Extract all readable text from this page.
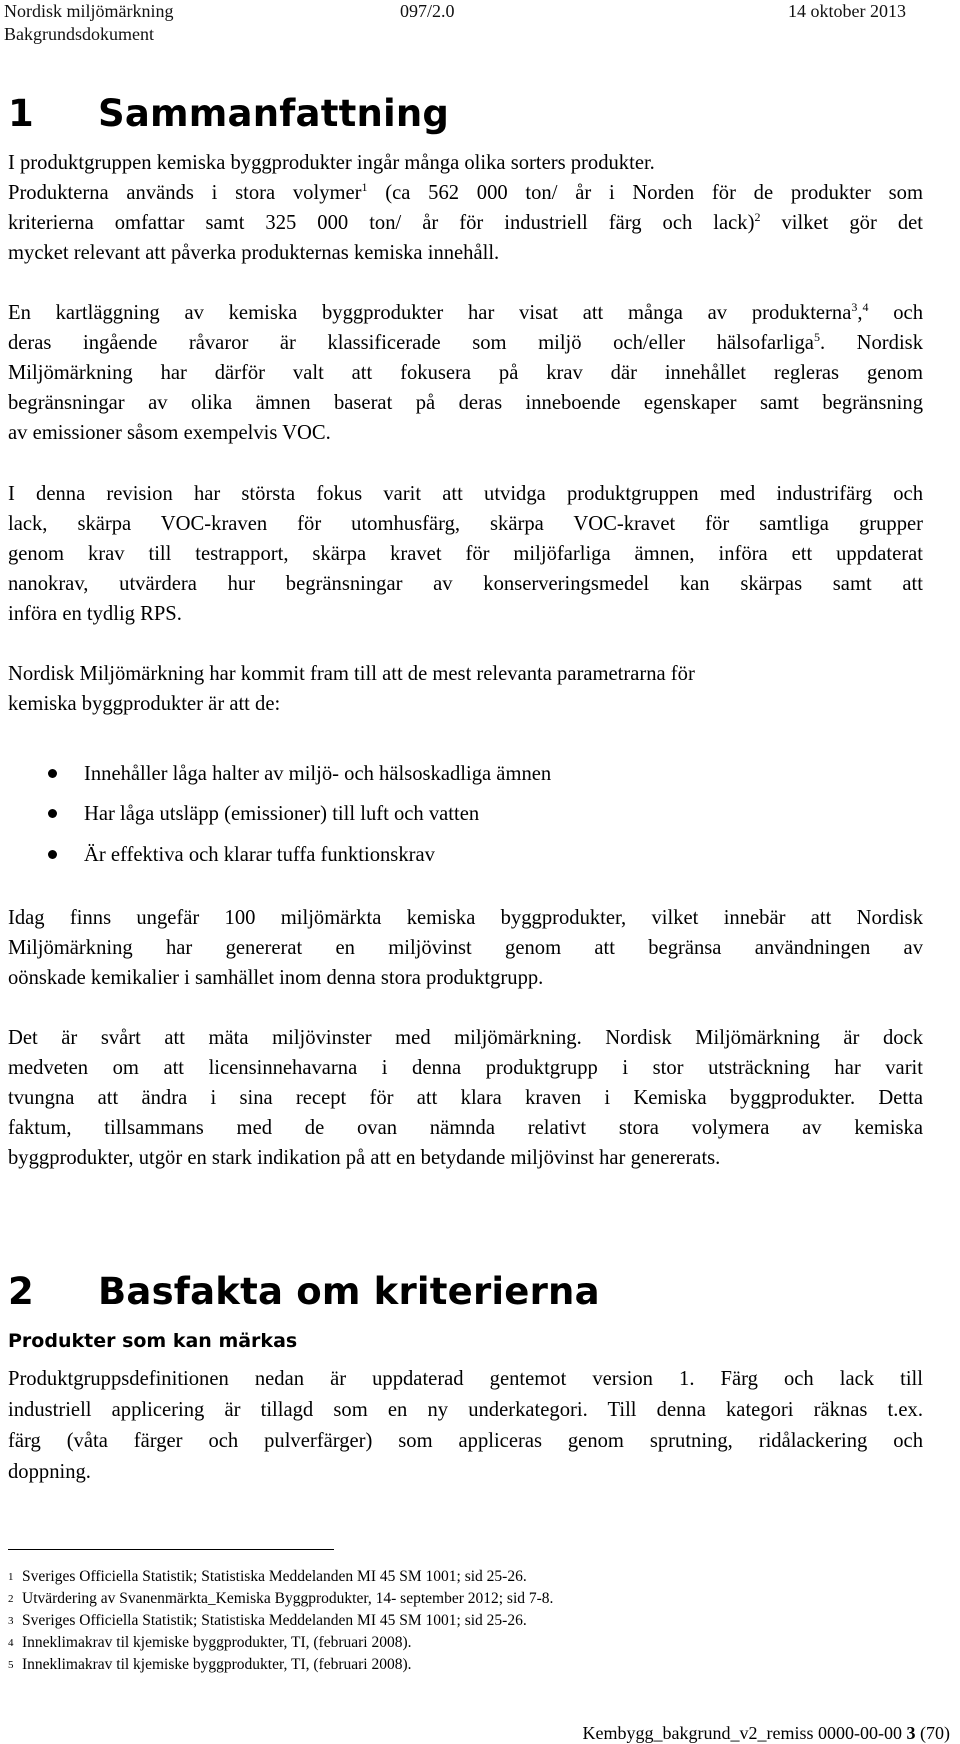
Nordisk miljömärkning	097/2.0	14 oktober 2013
Bakgrundsdokument
1 Sammanfattning
I produktgruppen kemiska byggprodukter ingår många olika sorters produkter.
Produkterna används i stora volymer$^1$ (ca 562 000 ton/ år i Norden för de produkter som
kriterierna omfattar samt 325 000 ton/ år för industriell färg och lack)$^2$ vilket gör det
mycket relevant att påverka produkternas kemiska innehåll.
En kartläggning av kemiska byggprodukter har visat att många av produkterna$^3$,$^4$ och
deras ingående råvaror är klassificerade som miljö och/eller hälsofarliga$^5$. Nordisk
Miljömärkning har därför valt att fokusera på krav där innehållet regleras genom
begränsningar av olika ämnen baserat på deras inneboende egenskaper samt begränsning
av emissioner såsom exempelvis VOC.
I denna revision har största fokus varit att utvidga produktgruppen med industrifärg och
lack, skärpa VOC-kraven för utomhusfärg, skärpa VOC-kravet för samtliga grupper
genom krav till testrapport, skärpa kravet för miljöfarliga ämnen, införa ett uppdaterat
nanokrav, utvärdera hur begränsningar av konserveringsmedel kan skärpas samt att
införa en tydlig RPS.
Nordisk Miljömärkning har kommit fram till att de mest relevanta parametrarna för
kemiska byggprodukter är att de:
Innehåller låga halter av miljö- och hälsoskadliga ämnen
Har låga utsläpp (emissioner) till luft och vatten
Är effektiva och klarar tuffa funktionskrav
Idag finns ungefär 100 miljömärkta kemiska byggprodukter, vilket innebär att Nordisk
Miljömärkning har genererat en miljövinst genom att begränsa användningen av
oönskade kemikalier i samhället inom denna stora produktgrupp.
Det är svårt att mäta miljövinster med miljömärkning. Nordisk Miljömärkning är dock
medveten om att licensinnehavarna i denna produktgrupp i stor utsträckning har varit
tvungna att ändra i sina recept för att klara kraven i Kemiska byggprodukter. Detta
faktum, tillsammans med de ovan nämnda relativt stora volymera av kemiska
byggprodukter, utgör en stark indikation på att en betydande miljövinst har genererats.
2 Basfakta om kriterierna
Produkter som kan märkas
Produktgruppsdefinitionen nedan är uppdaterad gentemot version 1. Färg och lack till
industriell applicering är tillagd som en ny underkategori. Till denna kategori räknas t.ex.
färg (våta färger och pulverfärger) som appliceras genom sprutning, ridålackering och
doppning.
1 Sveriges Officiella Statistik; Statistiska Meddelanden MI 45 SM 1001; sid 25-26.
2 Utvärdering av Svanenmärkta_Kemiska Byggprodukter, 14- september 2012; sid 7-8.
3 Sveriges Officiella Statistik; Statistiska Meddelanden MI 45 SM 1001; sid 25-26.
4 Inneklimakrav til kjemiske byggprodukter, TI, (februari 2008).
5 Inneklimakrav til kjemiske byggprodukter, TI, (februari 2008).
Kembygg_bakgrund_v2_remiss 0000-00-00 3 (70)
